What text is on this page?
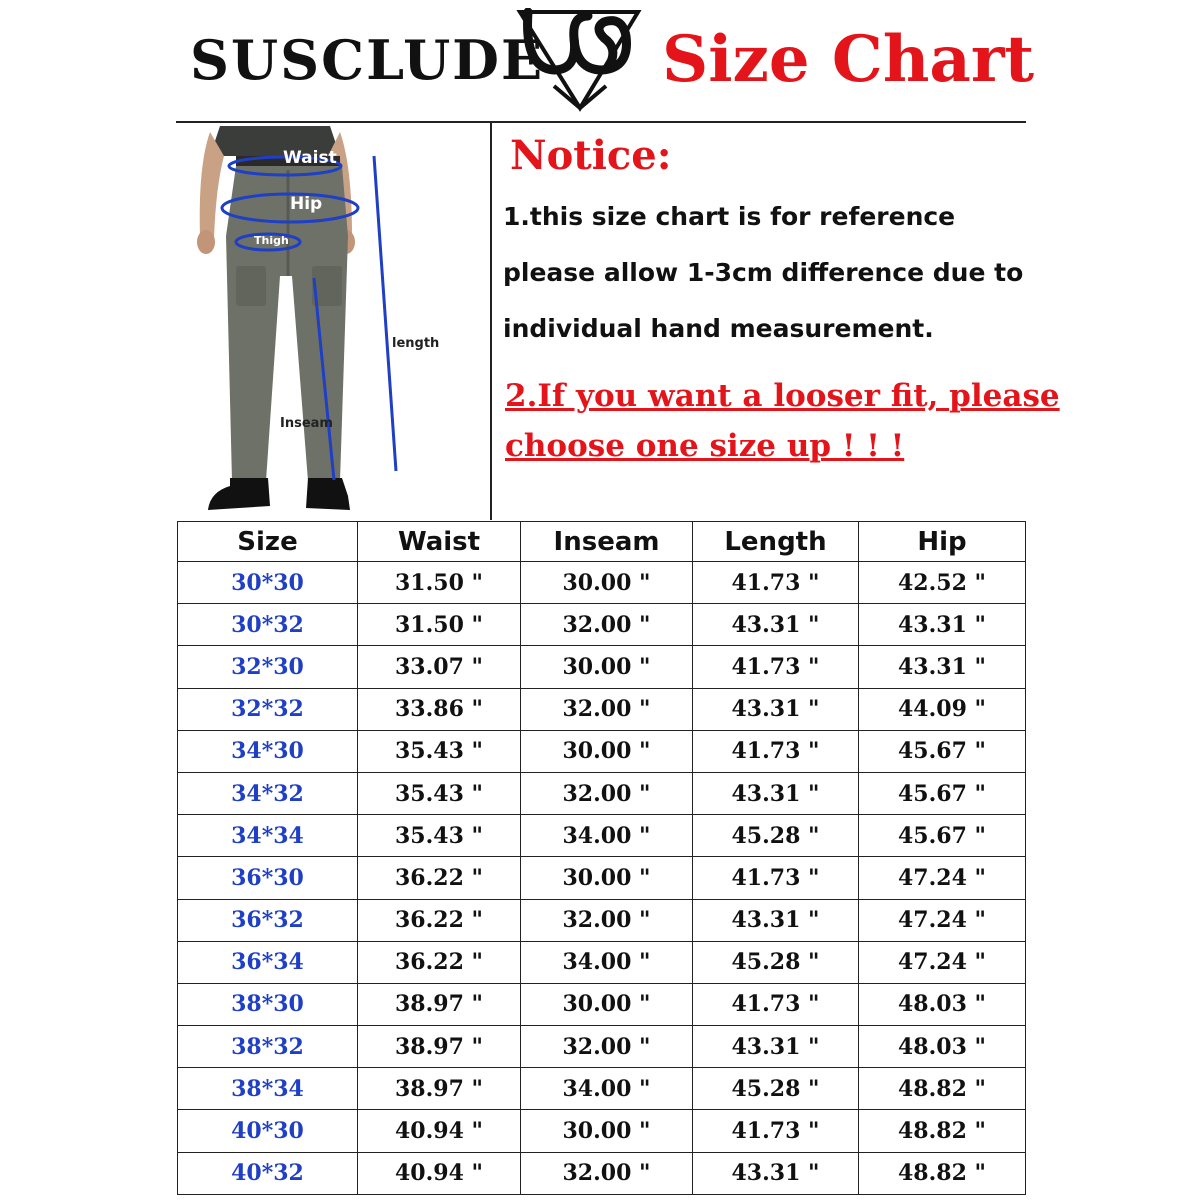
SUSCLUDE Size Chart
Waist
Hip
Thigh
length
Inseam
Notice:
1.this size chart is for reference
please allow 1-3cm difference due to
individual hand measurement.
2.If you want a looser fit, please
choose one size up ! ! !
Size	Waist	Inseam	Length	Hip
30*30	31.50 "	30.00 "	41.73 "	42.52 "
30*32	31.50 "	32.00 "	43.31 "	43.31 "
32*30	33.07 "	30.00 "	41.73 "	43.31 "
32*32	33.86 "	32.00 "	43.31 "	44.09 "
34*30	35.43 "	30.00 "	41.73 "	45.67 "
34*32	35.43 "	32.00 "	43.31 "	45.67 "
34*34	35.43 "	34.00 "	45.28 "	45.67 "
36*30	36.22 "	30.00 "	41.73 "	47.24 "
36*32	36.22 "	32.00 "	43.31 "	47.24 "
36*34	36.22 "	34.00 "	45.28 "	47.24 "
38*30	38.97 "	30.00 "	41.73 "	48.03 "
38*32	38.97 "	32.00 "	43.31 "	48.03 "
38*34	38.97 "	34.00 "	45.28 "	48.82 "
40*30	40.94 "	30.00 "	41.73 "	48.82 "
40*32	40.94 "	32.00 "	43.31 "	48.82 "
